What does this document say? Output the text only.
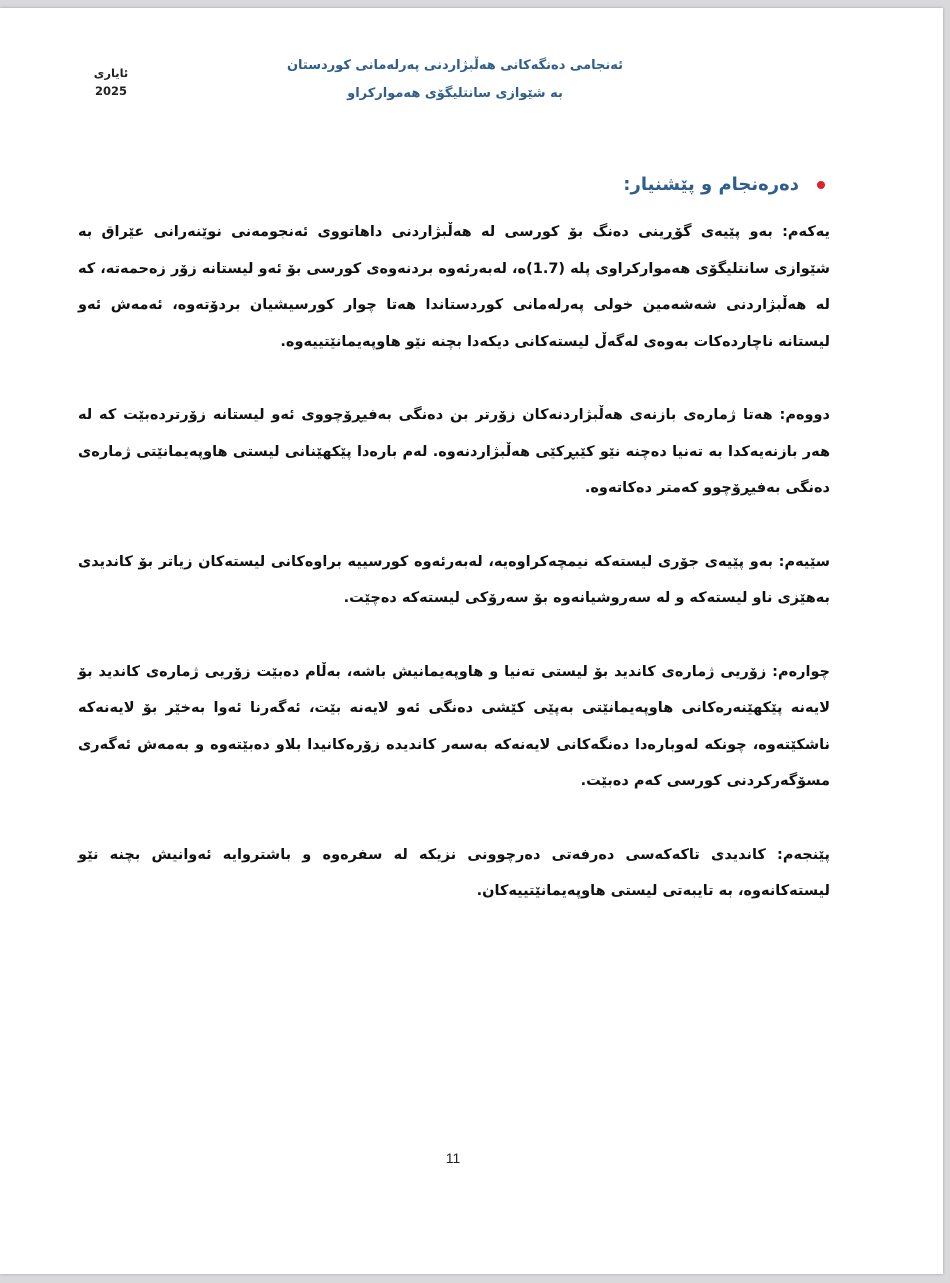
ئایاری
2025
ئەنجامی دەنگەکانی هەڵبژاردنی پەرلەمانی کوردستان
بە شێوازی سانتلیگۆی هەموارکراو
دەرەنجام و پێشنیار:

یەکەم: بەو پێیەی گۆڕینی دەنگ بۆ کورسی لە هەڵبژاردنی داهاتووی ئەنجومەنی نوێنەرانی عێراق بە شێوازی سانتلیگۆی هەموارکراوی پلە (1.7)ە، لەبەرئەوە بردنەوەی کورسی بۆ ئەو لیستانە زۆر زەحمەتە، کە لە هەڵبژاردنی شەشەمین خولی پەرلەمانی کوردستاندا هەتا چوار کورسیشیان بردۆتەوە، ئەمەش ئەو لیستانە ناچاردەکات بەوەی لەگەڵ لیستەکانی دیکەدا بچنە نێو هاوپەیمانێتییەوە.

دووەم: هەتا ژمارەی بازنەی هەڵبژاردنەکان زۆرتر بن دەنگی بەفیڕۆچووی ئەو لیستانە زۆرتردەبێت کە لە هەر بازنەیەکدا بە تەنیا دەچنە نێو کێبڕکێی هەڵبژاردنەوە. لەم بارەدا پێکهێنانی لیستی هاوپەیمانێتی ژمارەی دەنگی بەفیڕۆچوو کەمتر دەکاتەوە.

سێیەم: بەو پێیەی جۆری لیستەکە نیمچەکراوەیە، لەبەرئەوە کورسییە براوەکانی لیستەکان زیاتر بۆ کاندیدی بەهێزی ناو لیستەکە و لە سەروشیانەوە بۆ سەرۆکی لیستەکە دەچێت.

چوارەم: زۆریی ژمارەی کاندید بۆ لیستی تەنیا و هاوپەیمانیش باشە، بەڵام دەبێت زۆریی ژمارەی کاندید بۆ لایەنە پێکهێنەرەکانی هاوپەیمانێتی بەپێی کێشی دەنگی ئەو لایەنە بێت، ئەگەرنا ئەوا بەخێر بۆ لایەنەکە ناشکێتەوە، چونکە لەوبارەدا دەنگەکانی لایەنەکە بەسەر کاندیدە زۆرەکانیدا بلاو دەبێتەوە و بەمەش ئەگەری مسۆگەرکردنی کورسی کەم دەبێت.

پێنجەم: کاندیدی تاکەکەسی دەرفەتی دەرچوونی نزیکە لە سفرەوە و باشتروایە ئەوانیش بچنە نێو لیستەکانەوە، بە تایبەتی لیستی هاوپەیمانێتییەکان.

11
